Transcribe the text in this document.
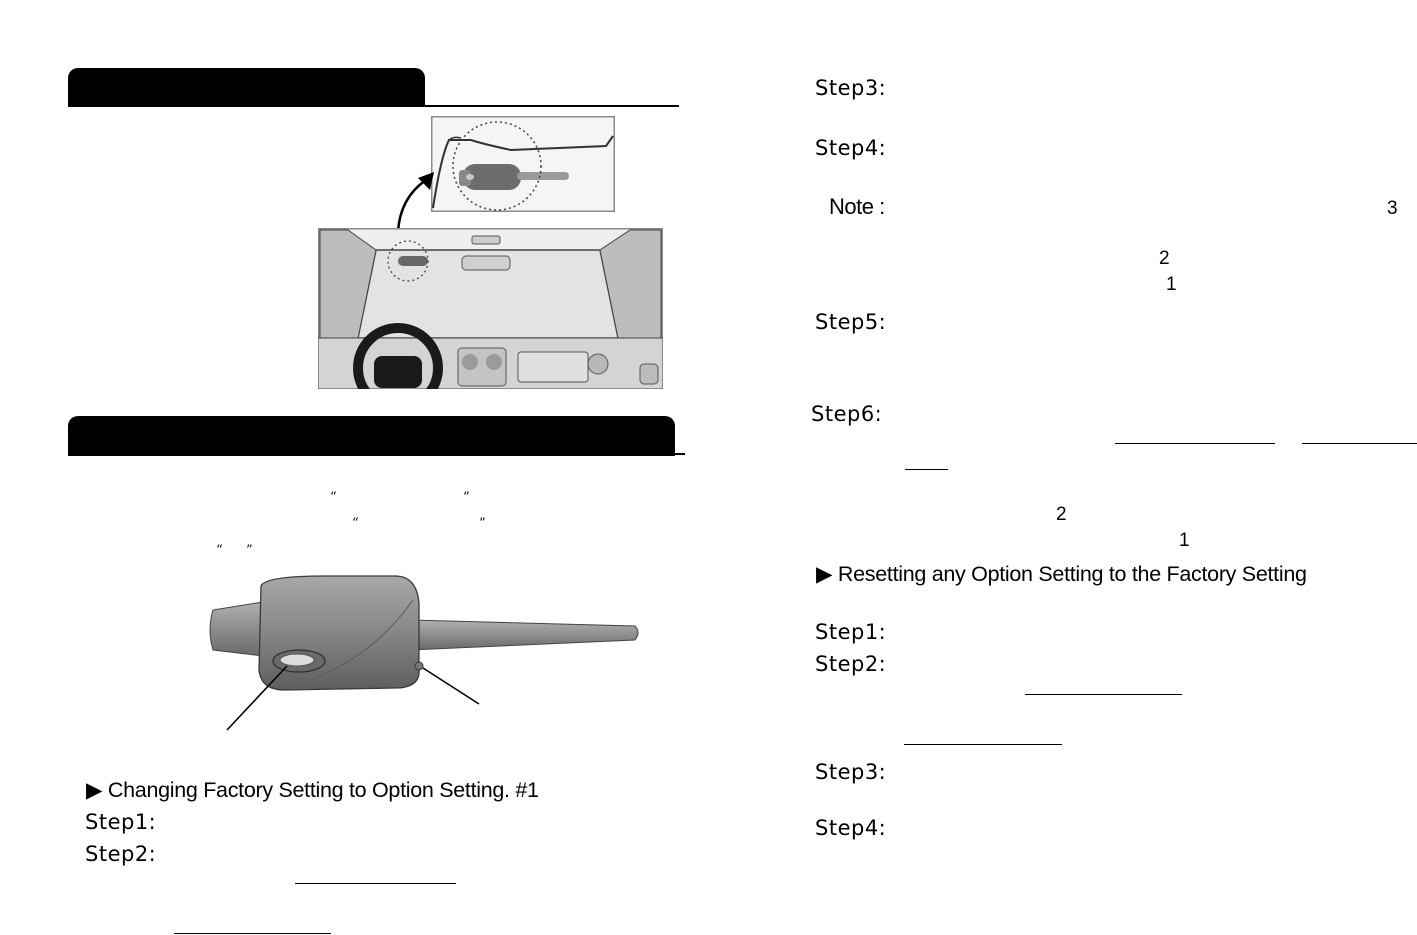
“	”
“	”
“ ”
▶ Changing Factory Setting to Option Setting. #1
Step1:
Step2:
Step3:
Step4:
Note :	3
2
1
Step5:
Step6:
2
1
▶ Resetting any Option Setting to the Factory Setting
Step1:
Step2:
Step3:
Step4:
